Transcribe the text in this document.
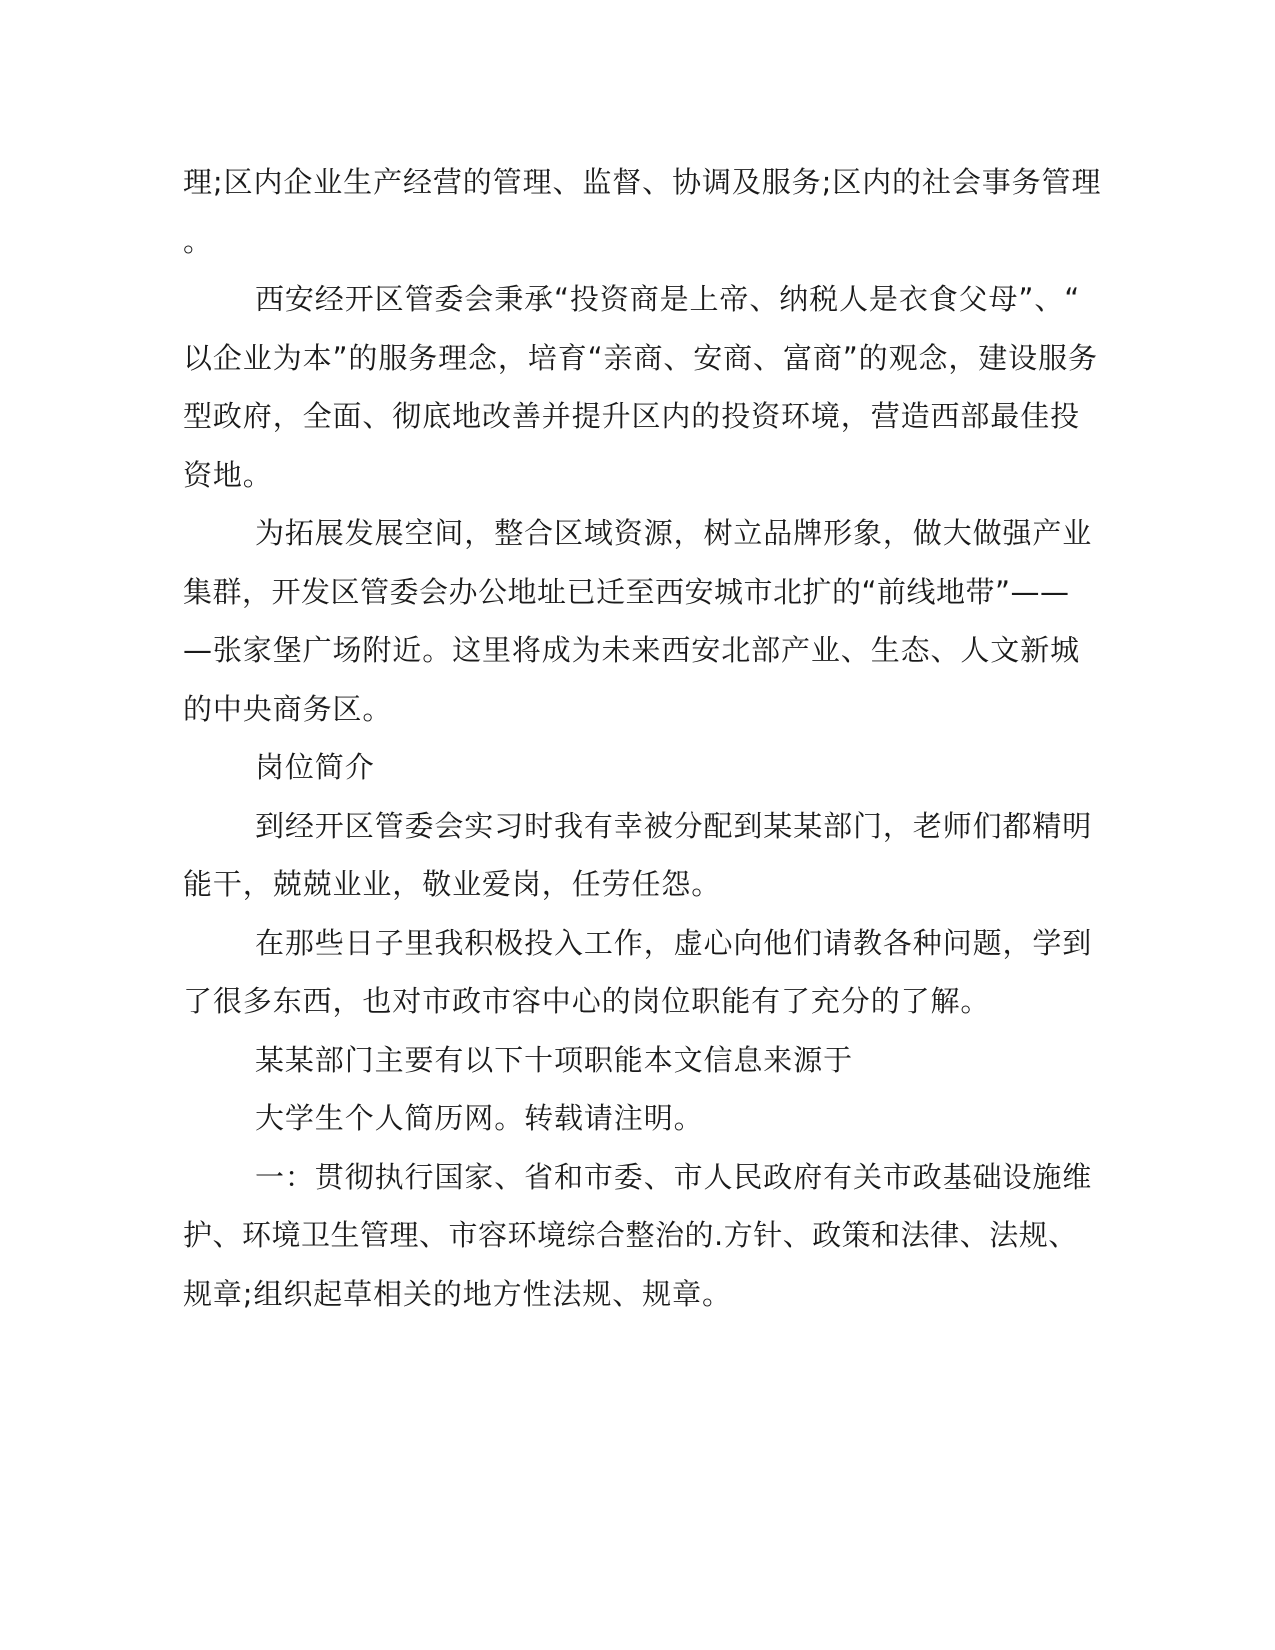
理;区内企业生产经营的管理、监督、协调及服务;区内的社会事务管理

。

西安经开区管委会秉承“投资商是上帝、纳税人是衣食父母”、“

以企业为本”的服务理念，培育“亲商、安商、富商”的观念，建设服务

型政府，全面、彻底地改善并提升区内的投资环境，营造西部最佳投

资地。

为拓展发展空间，整合区域资源，树立品牌形象，做大做强产业

集群，开发区管委会办公地址已迁至西安城市北扩的“前线地带”——

—张家堡广场附近。这里将成为未来西安北部产业、生态、人文新城

的中央商务区。

岗位简介

到经开区管委会实习时我有幸被分配到某某部门，老师们都精明

能干，兢兢业业，敬业爱岗，任劳任怨。

在那些日子里我积极投入工作，虚心向他们请教各种问题，学到

了很多东西，也对市政市容中心的岗位职能有了充分的了解。

某某部门主要有以下十项职能本文信息来源于

大学生个人简历网。转载请注明。

一：贯彻执行国家、省和市委、市人民政府有关市政基础设施维

护、环境卫生管理、市容环境综合整治的.方针、政策和法律、法规、

规章;组织起草相关的地方性法规、规章。
